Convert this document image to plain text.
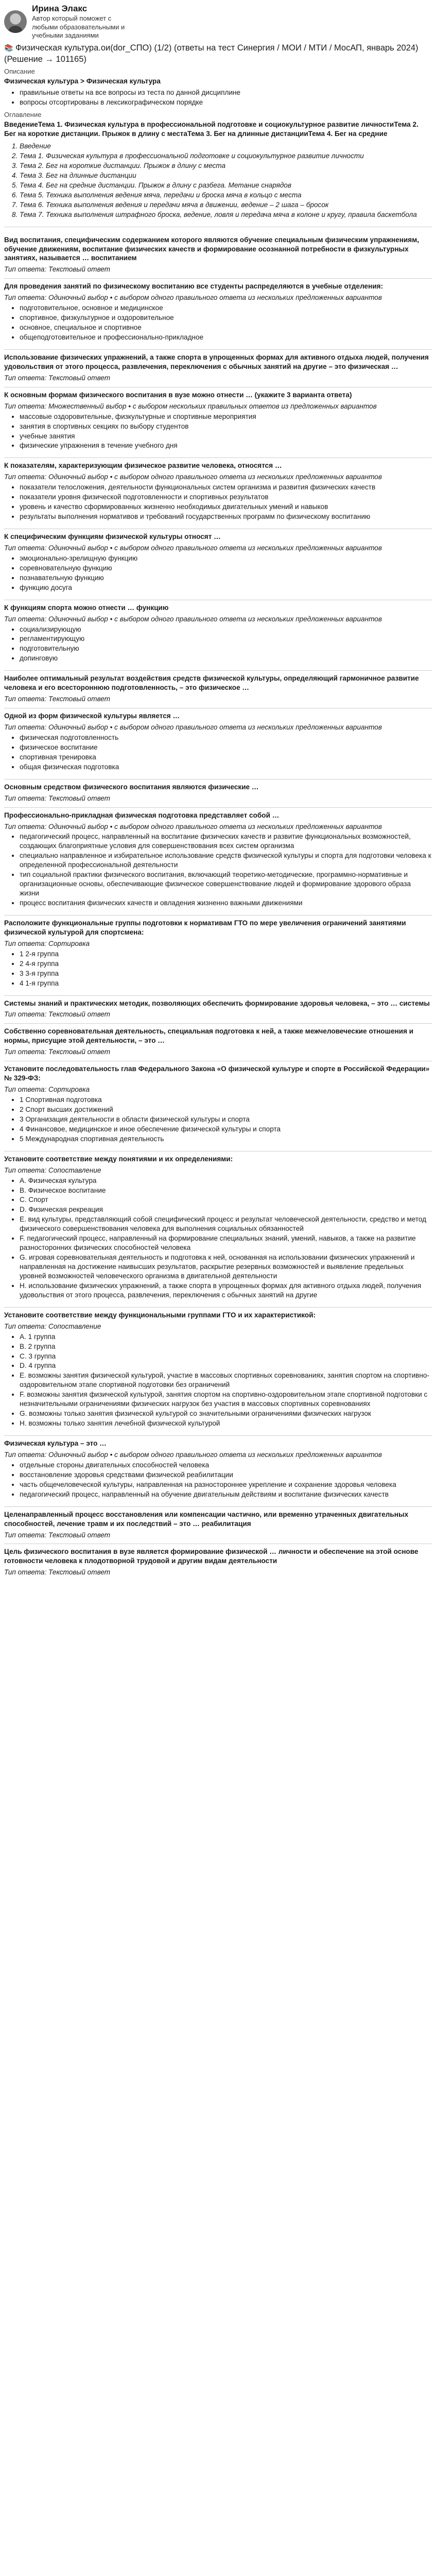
Ирина Элакс
Автор который поможет с любыми образовательными и учебными заданиями
📚 Физическая культура.ои(dor_СПО) (1/2) (ответы на тест Синергия / МОИ / МТИ / МосАП, январь 2024) (Решение → 101165)
Описание
Физическая культура > Физическая культура
• правильные ответы на все вопросы из теста по данной дисциплине
• вопросы отсортированы в лексикографическом порядке
Оглавление
ВведениеТема 1. Физическая культура в профессиональной подготовке и социокультурное развитие личностиТема 2. Бег на короткие дистанции. Прыжок в длину с местаТема 3. Бег на длинные дистанцииТема 4. Бег на средние
1. Введение
2. Тема 1. Физическая культура в профессиональной подготовке и социокультурное развитие личности
3. Тема 2. Бег на короткие дистанции. Прыжок в длину с места
4. Тема 3. Бег на длинные дистанции
5. Тема 4. Бег на средние дистанции. Прыжок в длину с разбега. Метание снарядов
6. Тема 5. Техника выполнения ведения мяча, передачи и броска мяча в кольцо с места
7. Тема 6. Техника выполнения ведения и передачи мяча в движении, ведение – 2 шага – бросок
8. Тема 7. Техника выполнения штрафного броска, ведение, ловля и передача мяча в колоне и кругу, правила баскетбола
Вид воспитания, специфическим содержанием которого являются обучение специальным физическим упражнениям, обучение движениям, воспитание физических качеств и формирование осознанной потребности в физкультурных занятиях, называется … воспитанием
Тип ответа: Текстовый ответ
Для проведения занятий по физическому воспитанию все студенты распределяются в учебные отделения:
Тип ответа: Одиночный выбор • с выбором одного правильного ответа из нескольких предложенных вариантов
• подготовительное, основное и медицинское
• спортивное, физкультурное и оздоровительное
• основное, специальное и спортивное
• общеподготовительное и профессионально-прикладное
Использование физических упражнений, а также спорта в упрощенных формах для активного отдыха людей, получения удовольствия от этого процесса, развлечения, переключения с обычных занятий на другие – это физическая …
Тип ответа: Текстовый ответ
К основным формам физического воспитания в вузе можно отнести … (укажите 3 варианта ответа)
Тип ответа: Множественный выбор • с выбором нескольких правильных ответов из предложенных вариантов
• массовые оздоровительные, физкультурные и спортивные мероприятия
• занятия в спортивных секциях по выбору студентов
• учебные занятия
• физические упражнения в течение учебного дня
К показателям, характеризующим физическое развитие человека, относятся …
Тип ответа: Одиночный выбор • с выбором одного правильного ответа из нескольких предложенных вариантов
• показатели телосложения, деятельности функциональных систем организма и развития физических качеств
• показатели уровня физической подготовленности и спортивных результатов
• уровень и качество сформированных жизненно необходимых двигательных умений и навыков
• результаты выполнения нормативов и требований государственных программ по физическому воспитанию
К специфическим функциям физической культуры относят …
Тип ответа: Одиночный выбор • с выбором одного правильного ответа из нескольких предложенных вариантов
• эмоционально-зрелищную функцию
• соревновательную функцию
• познавательную функцию
• функцию досуга
К функциям спорта можно отнести … функцию
Тип ответа: Одиночный выбор • с выбором одного правильного ответа из нескольких предложенных вариантов
• социализирующую
• регламентирующую
• подготовительную
• допинговую
Наиболее оптимальный результат воздействия средств физической культуры, определяющий гармоничное развитие человека и его всестороннюю подготовленность, – это физическое …
Тип ответа: Текстовый ответ
Одной из форм физической культуры является …
Тип ответа: Одиночный выбор • с выбором одного правильного ответа из нескольких предложенных вариантов
• физическая подготовленность
• физическое воспитание
• спортивная тренировка
• общая физическая подготовка
Основным средством физического воспитания являются физические …
Тип ответа: Текстовый ответ
Профессионально-прикладная физическая подготовка представляет собой …
Тип ответа: Одиночный выбор • с выбором одного правильного ответа из нескольких предложенных вариантов
• педагогический процесс, направленный на воспитание физических качеств и развитие функциональных возможностей, создающих благоприятные условия для совершенствования всех систем организма
• специально направленное и избирательное использование средств физической культуры и спорта для подготовки человека к определенной профессиональной деятельности
• тип социальной практики физического воспитания, включающий теоретико-методические, программно-нормативные и организационные основы, обеспечивающие физическое совершенствование людей и формирование здорового образа жизни
• процесс воспитания физических качеств и овладения жизненно важными движениями
Расположите функциональные группы подготовки к нормативам ГТО по мере увеличения ограничений занятиями физической культурой для спортсмена:
Тип ответа: Сортировка
• 1 2-я группа
• 2 4-я группа
• 3 3-я группа
• 4 1-я группа
Системы знаний и практических методик, позволяющих обеспечить формирование здоровья человека, – это … системы
Тип ответа: Текстовый ответ
Собственно соревновательная деятельность, специальная подготовка к ней, а также межчеловеческие отношения и нормы, присущие этой деятельности, – это …
Тип ответа: Текстовый ответ
Установите последовательность глав Федерального Закона «О физической культуре и спорте в Российской Федерации» № 329-ФЗ:
Тип ответа: Сортировка
• 1 Спортивная подготовка
• 2 Спорт высших достижений
• 3 Организация деятельности в области физической культуры и спорта
• 4 Финансовое, медицинское и иное обеспечение физической культуры и спорта
• 5 Международная спортивная деятельность
Установите соответствие между понятиями и их определениями:
Тип ответа: Сопоставление
• A. Физическая культура
• B. Физическое воспитание
• C. Спорт
• D. Физическая рекреация
• E. вид культуры, представляющий собой специфический процесс и результат человеческой деятельности, средство и метод физического совершенствования человека для выполнения социальных обязанностей
• F. педагогический процесс, направленный на формирование специальных знаний, умений, навыков, а также на развитие разносторонних физических способностей человека
• G. игровая соревновательная деятельность и подготовка к ней, основанная на использовании физических упражнений и направленная на достижение наивысших результатов, раскрытие резервных возможностей и выявление предельных уровней возможностей человеческого организма в двигательной деятельности
• H. использование физических упражнений, а также спорта в упрощенных формах для активного отдыха людей, получения удовольствия от этого процесса, развлечения, переключения с обычных занятий на другие
Установите соответствие между функциональными группами ГТО и их характеристикой:
Тип ответа: Сопоставление
• A. 1 группа
• B. 2 группа
• C. 3 группа
• D. 4 группа
• E. возможны занятия физической культурой, участие в массовых спортивных соревнованиях, занятия спортом на спортивно-оздоровительном этапе спортивной подготовки без ограничений
• F. возможны занятия физической культурой, занятия спортом на спортивно-оздоровительном этапе спортивной подготовки с незначительными ограничениями физических нагрузок без участия в массовых спортивных соревнованиях
• G. возможны только занятия физической культурой со значительными ограничениями физических нагрузок
• H. возможны только занятия лечебной физической культурой
Физическая культура – это …
Тип ответа: Одиночный выбор • с выбором одного правильного ответа из нескольких предложенных вариантов
• отдельные стороны двигательных способностей человека
• восстановление здоровья средствами физической реабилитации
• часть общечеловеческой культуры, направленная на разностороннее укрепление и сохранение здоровья человека
• педагогический процесс, направленный на обучение двигательным действиям и воспитание физических качеств
Целенаправленный процесс восстановления или компенсации частично, или временно утраченных двигательных способностей, лечение травм и их последствий – это … реабилитация
Тип ответа: Текстовый ответ
Цель физического воспитания в вузе является формирование физической … личности и обеспечение на этой основе готовности человека к плодотворной трудовой и другим видам деятельности
Тип ответа: Текстовый ответ
